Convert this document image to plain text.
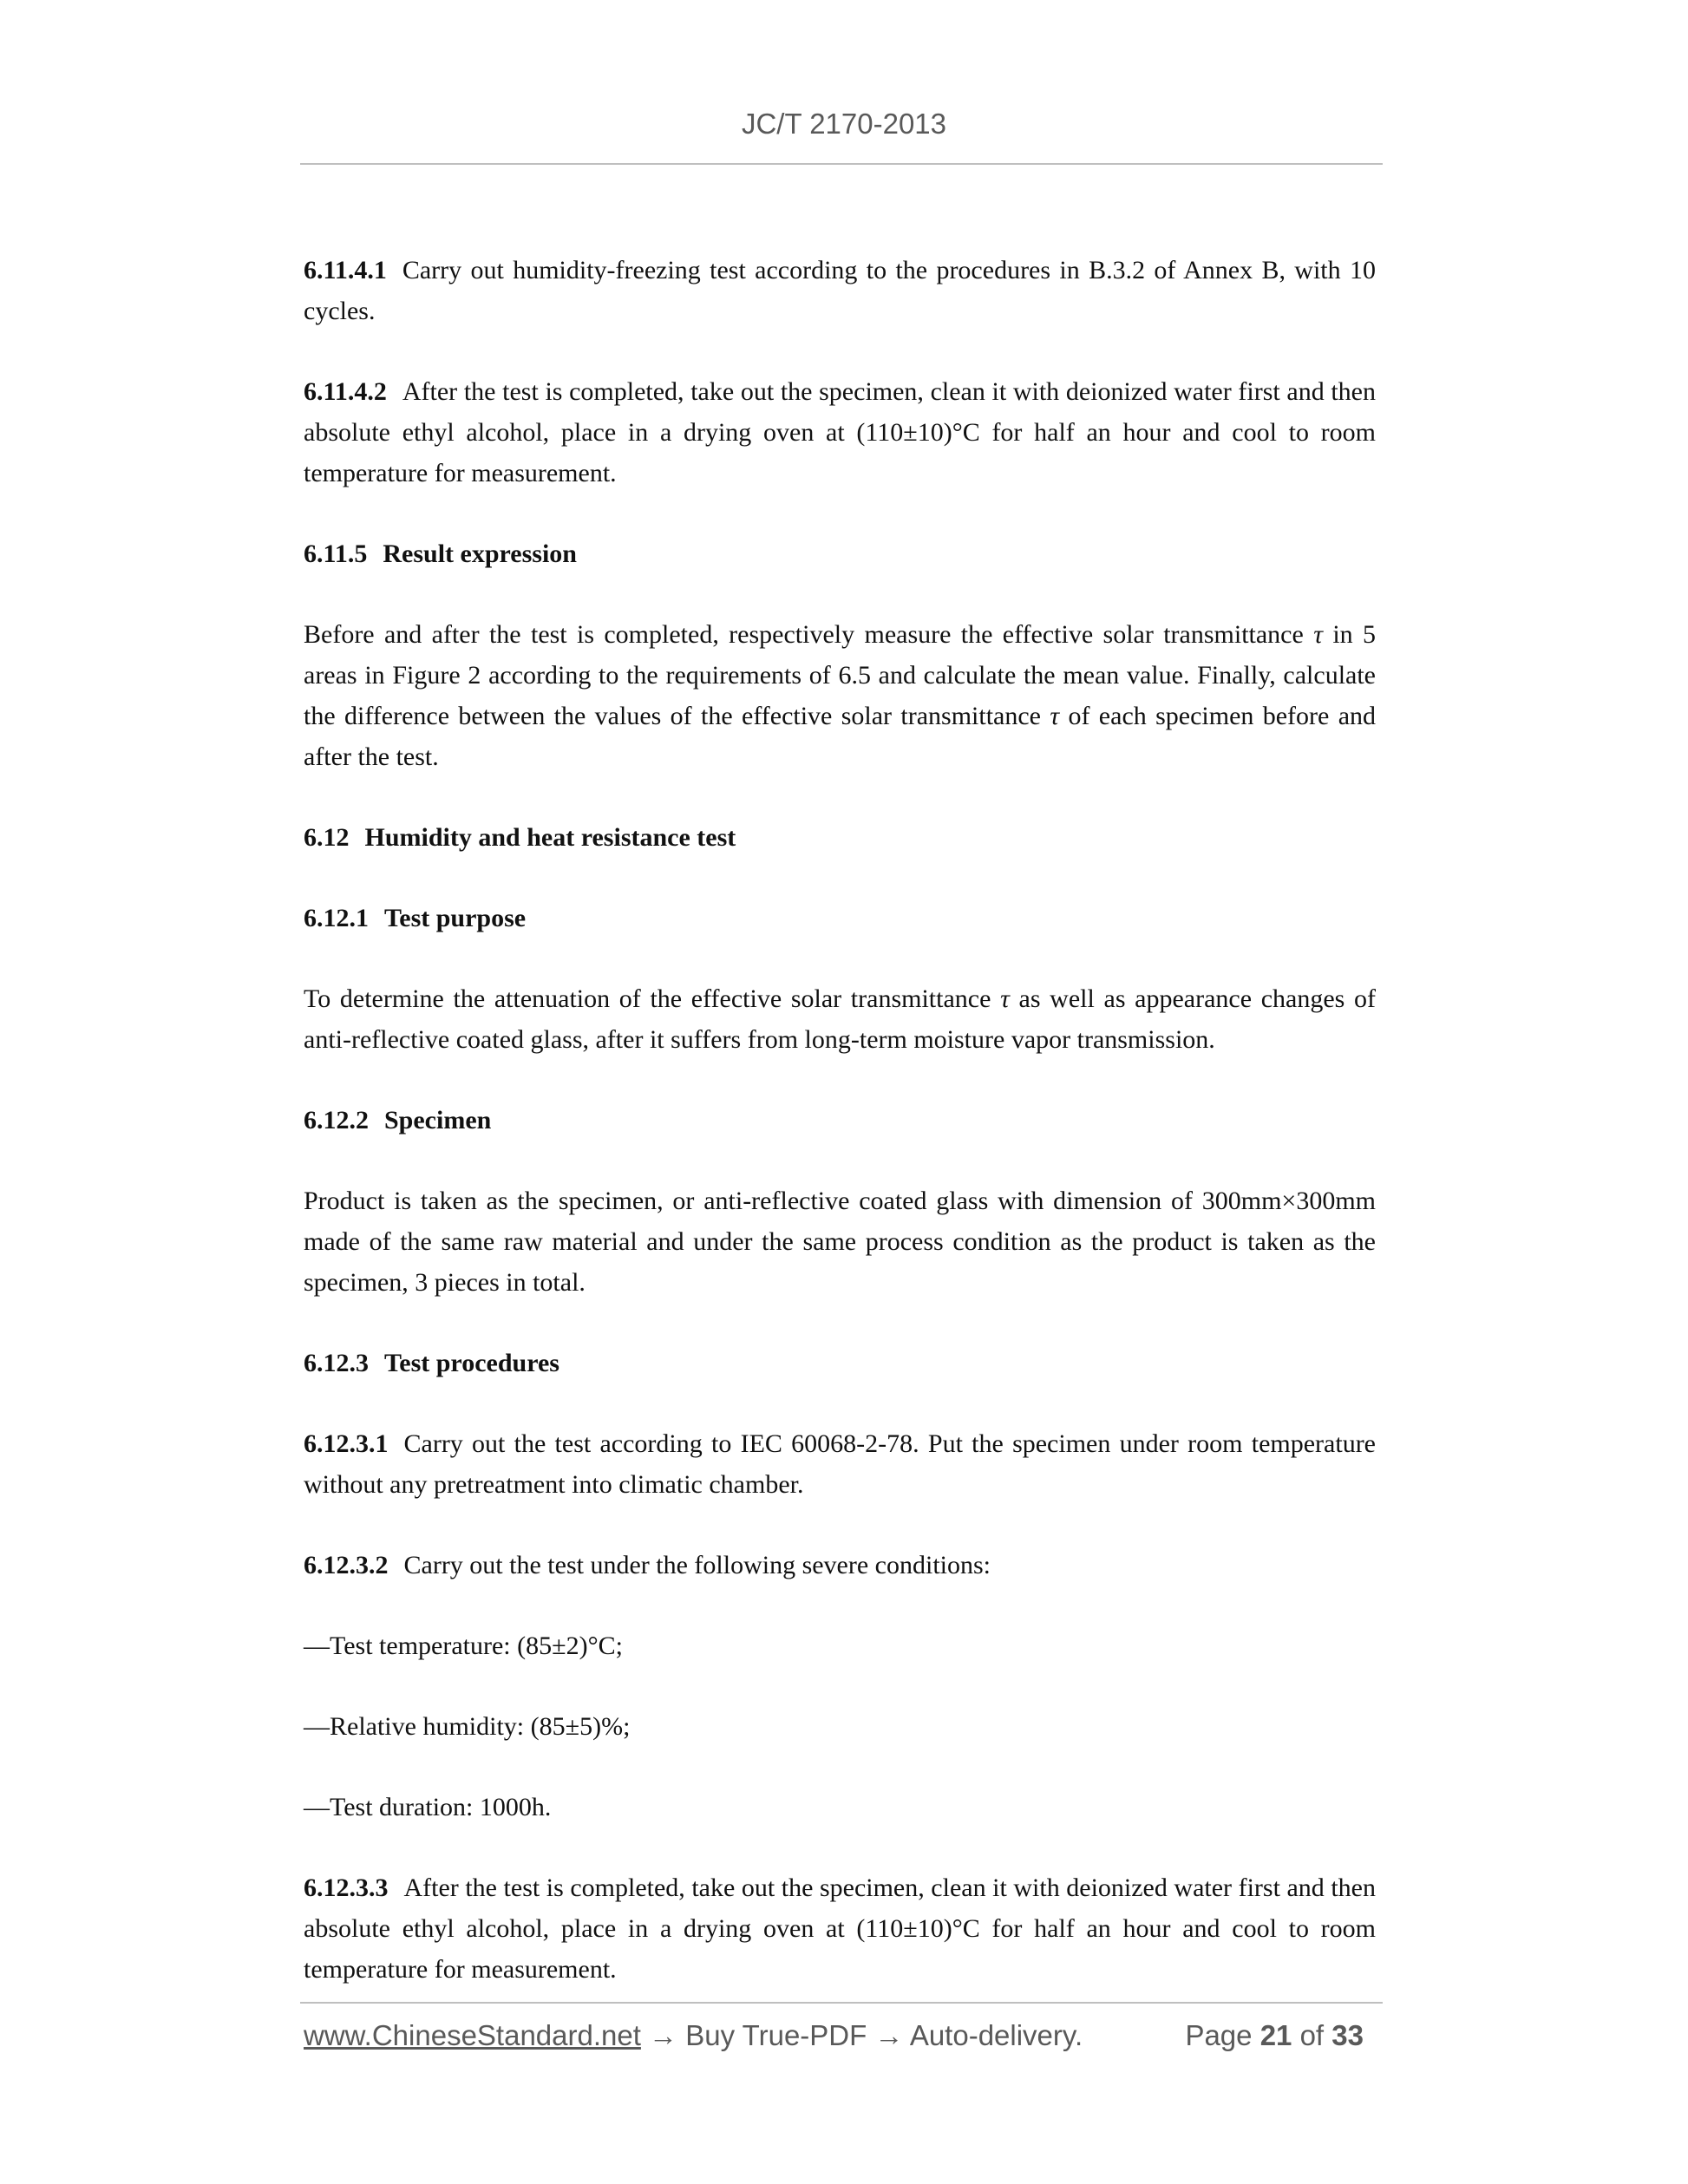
JC/T 2170-2013

6.11.4.1 Carry out humidity-freezing test according to the procedures in B.3.2 of Annex B, with 10 cycles.

6.11.4.2 After the test is completed, take out the specimen, clean it with deionized water first and then absolute ethyl alcohol, place in a drying oven at (110±10)°C for half an hour and cool to room temperature for measurement.

6.11.5 Result expression

Before and after the test is completed, respectively measure the effective solar transmittance τ in 5 areas in Figure 2 according to the requirements of 6.5 and calculate the mean value. Finally, calculate the difference between the values of the effective solar transmittance τ of each specimen before and after the test.

6.12 Humidity and heat resistance test

6.12.1 Test purpose

To determine the attenuation of the effective solar transmittance τ as well as appearance changes of anti-reflective coated glass, after it suffers from long-term moisture vapor transmission.

6.12.2 Specimen

Product is taken as the specimen, or anti-reflective coated glass with dimension of 300mm×300mm made of the same raw material and under the same process condition as the product is taken as the specimen, 3 pieces in total.

6.12.3 Test procedures

6.12.3.1 Carry out the test according to IEC 60068-2-78. Put the specimen under room temperature without any pretreatment into climatic chamber.

6.12.3.2 Carry out the test under the following severe conditions:

—Test temperature: (85±2)°C;

—Relative humidity: (85±5)%;

—Test duration: 1000h.

6.12.3.3 After the test is completed, take out the specimen, clean it with deionized water first and then absolute ethyl alcohol, place in a drying oven at (110±10)°C for half an hour and cool to room temperature for measurement.

www.ChineseStandard.net → Buy True-PDF → Auto-delivery.	Page 21 of 33
